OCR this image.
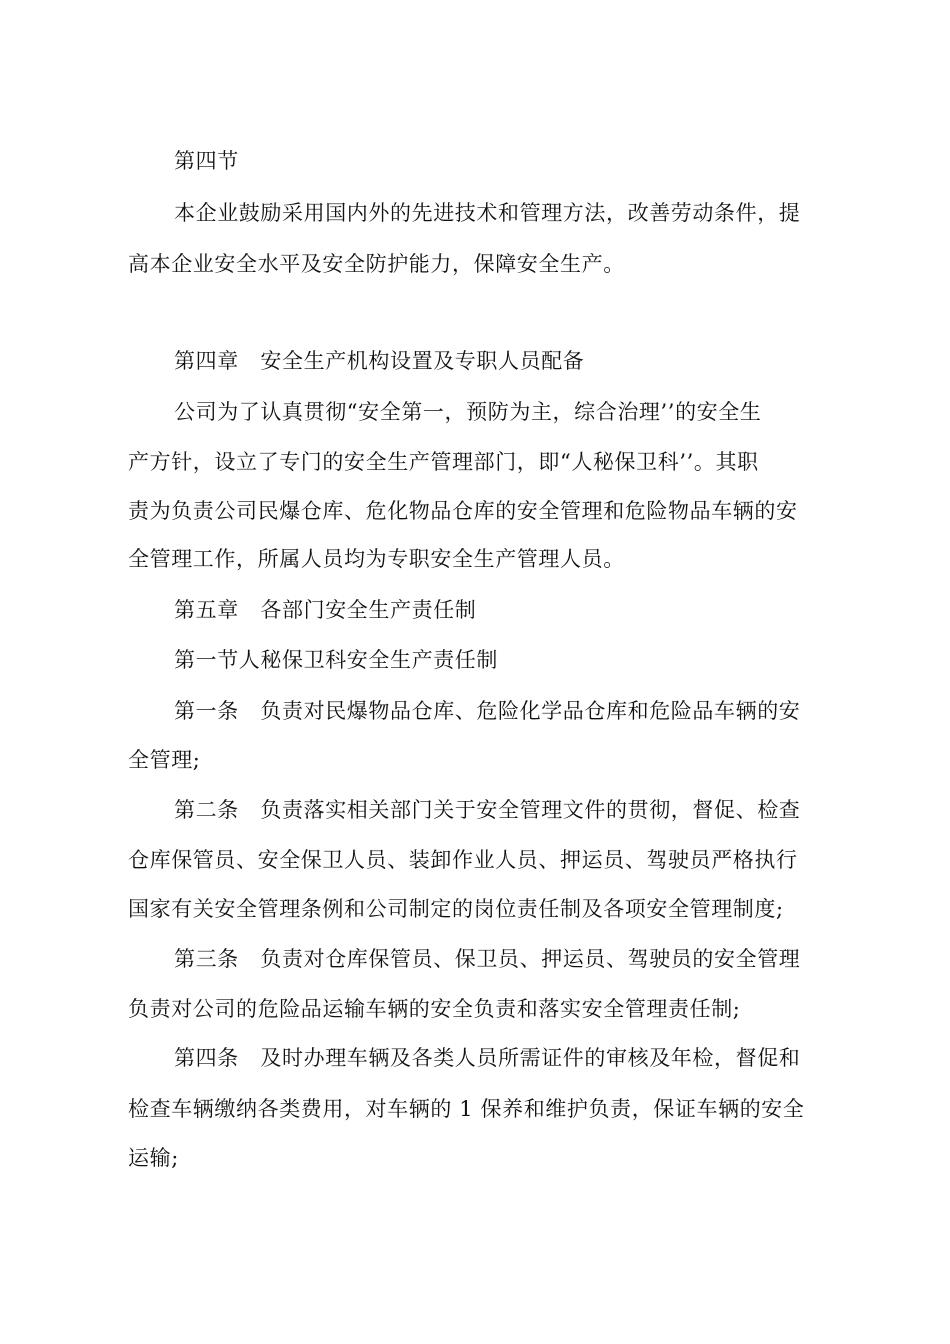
第四节
本企业鼓励采用国内外的先进技术和管理方法，改善劳动条件，提
高本企业安全水平及安全防护能力，保障安全生产。
第四章　安全生产机构设置及专职人员配备
公司为了认真贯彻“安全第一，预防为主，综合治理’’的安全生
产方针，设立了专门的安全生产管理部门，即“人秘保卫科’’。其职
责为负责公司民爆仓库、危化物品仓库的安全管理和危险物品车辆的安
全管理工作，所属人员均为专职安全生产管理人员。
第五章　各部门安全生产责任制
第一节人秘保卫科安全生产责任制
第一条　负责对民爆物品仓库、危险化学品仓库和危险品车辆的安
全管理;
第二条　负责落实相关部门关于安全管理文件的贯彻，督促、检查
仓库保管员、安全保卫人员、装卸作业人员、押运员、驾驶员严格执行
国家有关安全管理条例和公司制定的岗位责任制及各项安全管理制度;
第三条　负责对仓库保管员、保卫员、押运员、驾驶员的安全管理
负责对公司的危险品运输车辆的安全负责和落实安全管理责任制;
第四条　及时办理车辆及各类人员所需证件的审核及年检，督促和
检查车辆缴纳各类费用，对车辆的 1 保养和维护负责，保证车辆的安全
运输;
